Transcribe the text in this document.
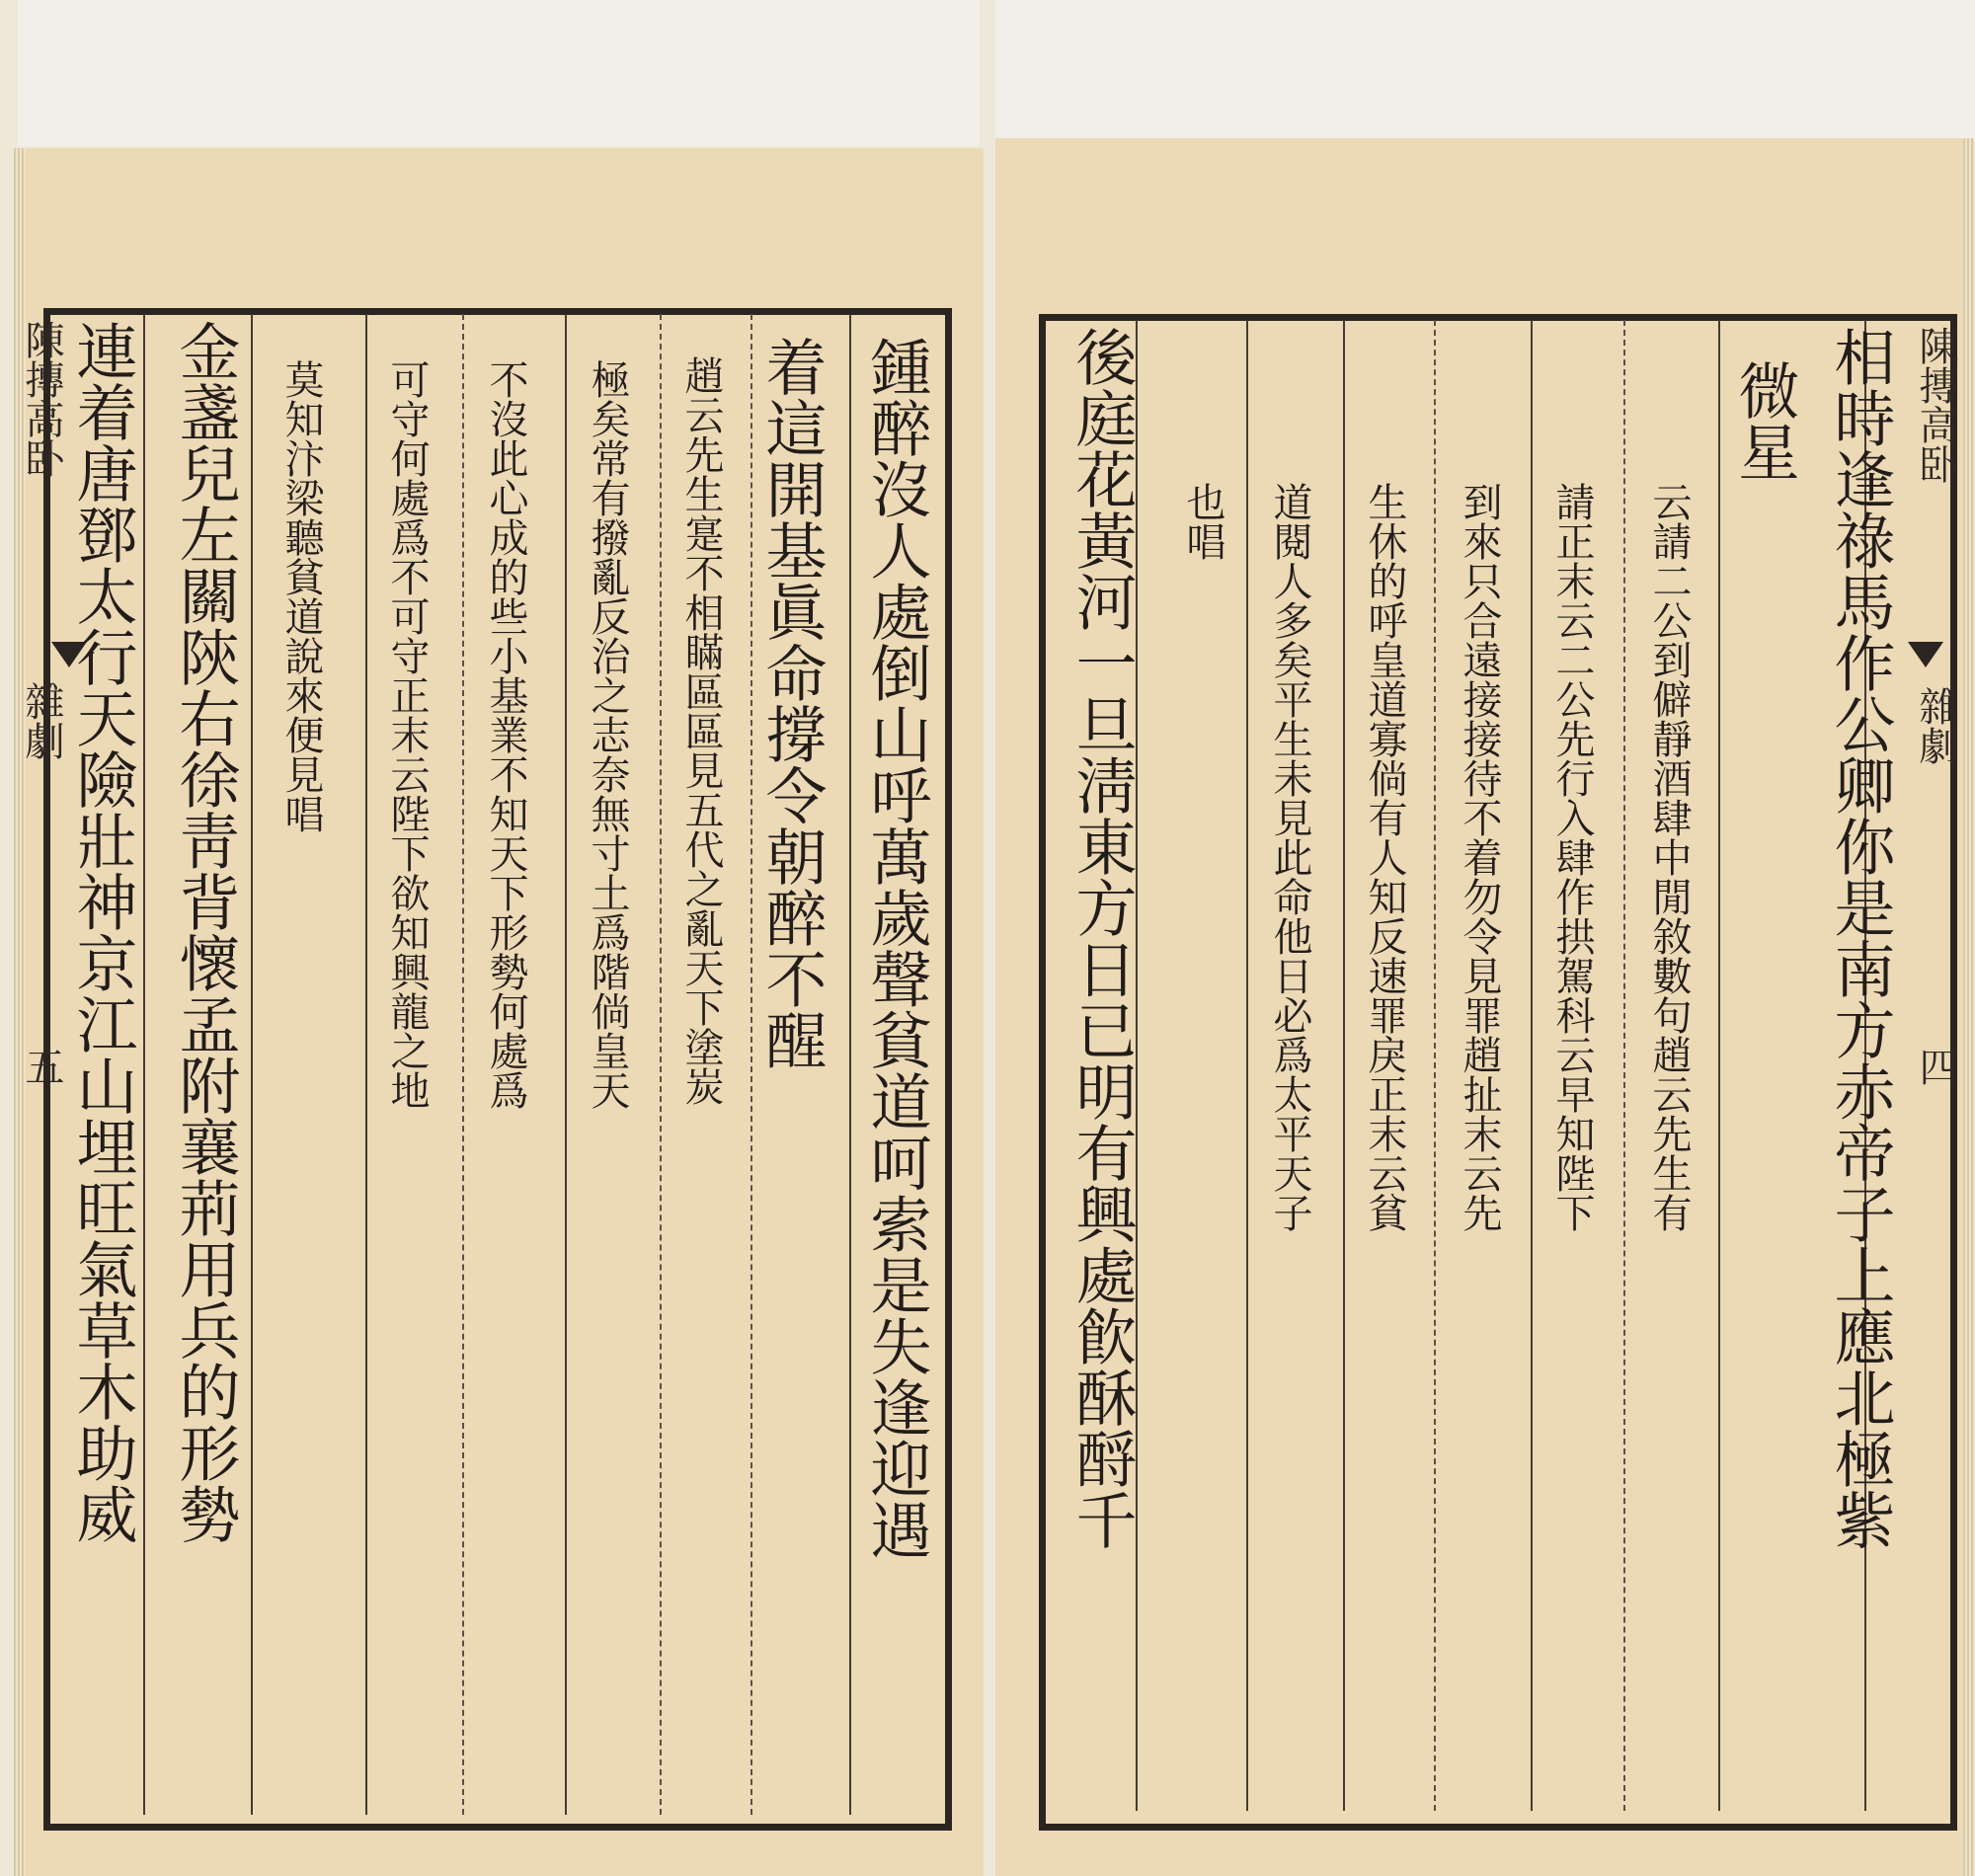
陳摶高卧
雜劇
五
陳摶高卧
雜劇
四
鍾醉沒人處倒山呼萬歲聲貧道呵索是失逢迎遇
着這開基眞命撐令朝醉不醒
趙云先生寔不相瞞區區見五代之亂天下塗炭
極矣常有撥亂反治之志奈無寸土爲階倘皇天
不沒此心成的些小基業不知天下形勢何處爲
可守何處爲不可守正末云陛下欲知興龍之地
莫知汴梁聽貧道說來便見唱
金盞兒左關陝右徐靑背懷孟附襄荊用兵的形勢
連着唐鄧太行天險壯神京江山埋旺氣草木助威	相時逢祿馬作公卿你是南方赤帝子上應北極紫
微星
云請二公到僻靜酒肆中閒敘數句趙云先生有
請正末云二公先行入肆作拱駕科云早知陛下
到來只合遠接接待不着勿令見罪趙扯末云先
生休的呼皇道寡倘有人知反速罪戾正末云貧
道閱人多矣平生未見此命他日必爲太平天子
也唱
後庭花黃河一旦淸東方日已明有興處飮酥酹千
